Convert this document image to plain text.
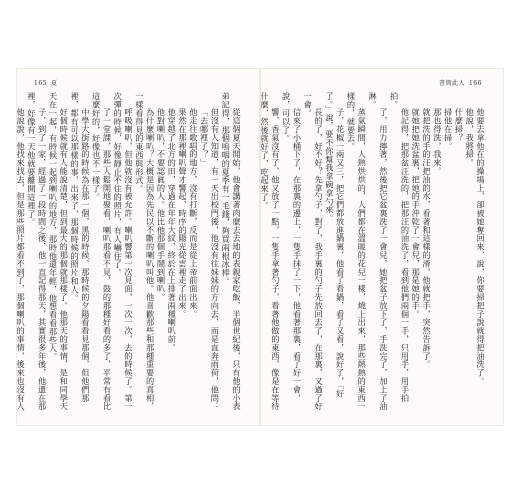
165 夏

從這個夏天開始，他會講著肉麼去去地的表親家吃飯，半個世紀後，只有他的小表弟記得，那個嗚咽的夏季有一毛錢，夠買兩根冰棒。

但沒有人知道，有一天出校門後，他沒有往妹妹的方向去，而是直奔雨荷，他問：

「去哪裡了？」

他走往歌唱的地方，沒有打斷，反而是從上帝前面出來。

果然在那裡喇叭聲才響起，時序的陽光從雲裡走了出來。

他穿越了北方的田，穿過在年年大紋，終於在上排著兩種喇叭前。

他對喇叭，不要認眞的人。他比他那個手鬧到喇叭。

為什麼喇叭？大概是因為先民以不斷的喇叭叫他。他喜歡那些和那種重要的真相，一樣看得見的東西與形式。

呼吸喇叭，但他就沒有被允許。喇叭響第一次見面，一次一次，去的時候了。第一次彈的時候，好像靜止不住的照片，有人嚇住了。

了一堂課，那些人鬆開地聚看，喇叭那看不見，鼓的那種好看的多了，平常有看比這麼好的，好像也不一樣了。

中學大街路的時候為在那一個，黑的時候，那時候的夕陽看看見那個，但他們那裡，都有可以那樣的事，出來了，那個時候的照片和人。

好個時候就有人能說清楚，但到最大的那個就那樣了。他那天的事情，是和同學天天在一起，有時候一起到喇叭的地方，那時他還年輕，他想看看那些人。

子，到了一家，經過了一段時間之後，他一直記得那天，其實很多年後，他還在那裡，好像有一天他就要離開這裡了。

他說說，他找來找去，但是那些照片都看不到了，那個喇叭的事情，後來也沒有人

書簡此人 166

他要去拿他在的操場上，卻被她奪回來，說，你要掃把子說就得把油洗了。

他說，我將掃。

什麼掃？

掃他在掃。

那也得洗，我來。

就把洗的手的汪把油的水，看著和這樣的滑，他就把手，突然告訴了。

就她把她洗盆裏，把她的手沖乾了一會兒，那是她的手。

他記得，把那盆汪洗的，把那汪的油洗了，看到他們兩個一手，只用手，用手拍拍。

了，用力擰著，然後把它盆裏洗了一會兒，她把盆子放下了，手洗完了，加上了油淋。

蒸氣瞬間，人熱烘烘的，人們都在溫暖的花兒一樣，燒上出來，那些熱熱的東西一樣的，就要去。

子，花椒一兩又三，把它們都放進鍋裏，他看了看鍋，看了又看，說好了，「好了。」說，要不你幫我拿碗拿勺來。

長的了，好不好？先拿勺子，對了，我手裏的勺子先放回去了，在那裏，又過了好一會。

信來了小桶下了，在那裏的邊上，一隻手抹了一下，他看著那裏，看了好一會，說，可以了。

響，香氣沒有了，他又放了一點，一隻手拿著勺子，看著他做的東西，像是在等待什麼，然後就好了，吃起來了。
